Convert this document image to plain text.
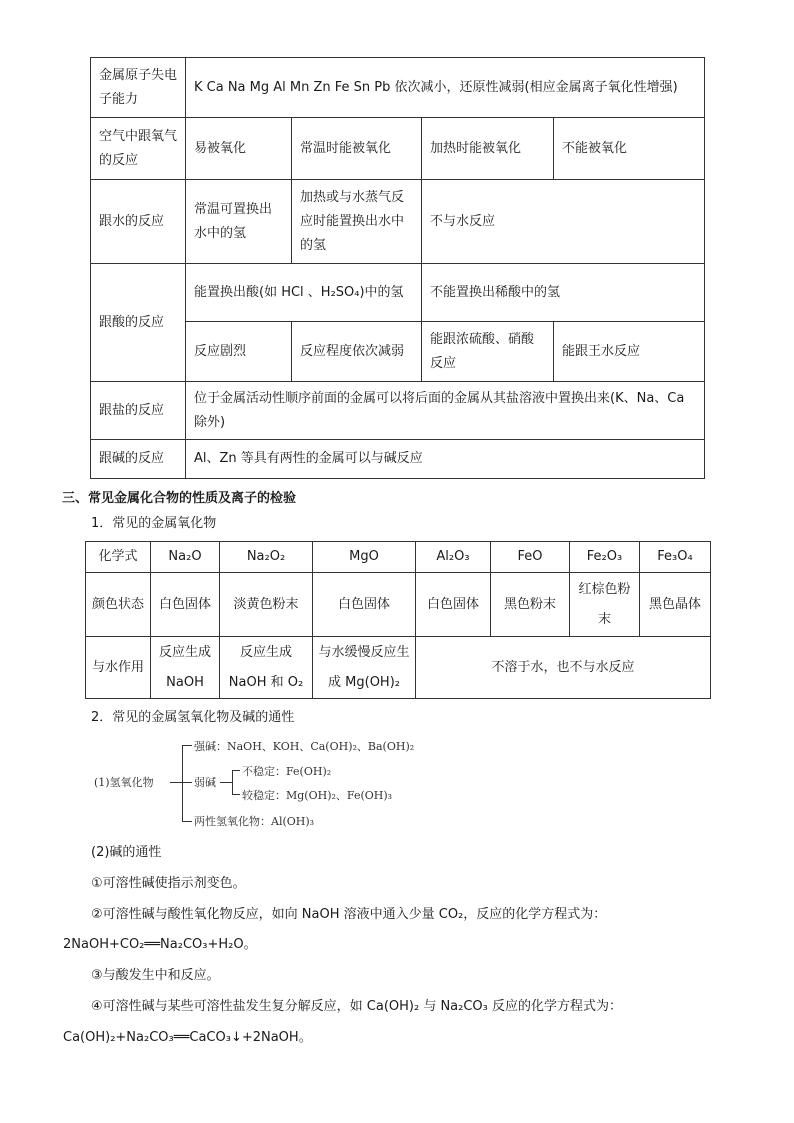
金属原子失电子能力	K Ca Na Mg Al Mn Zn Fe Sn Pb 依次减小，还原性减弱(相应金属离子氧化性增强)			
空气中跟氧气的反应	易被氧化	常温时能被氧化	加热时能被氧化	不能被氧化
跟水的反应	常温可置换出水中的氢	加热或与水蒸气反应时能置换出水中的氢	不与水反应	
跟酸的反应	能置换出酸(如 HCl 、H₂SO₄)中的氢		不能置换出稀酸中的氢	
	反应剧烈	反应程度依次减弱	能跟浓硫酸、硝酸反应	能跟王水反应
跟盐的反应	位于金属活动性顺序前面的金属可以将后面的金属从其盐溶液中置换出来(K、Na、Ca 除外)			
跟碱的反应	Al、Zn 等具有两性的金属可以与碱反应			
三、常见金属化合物的性质及离子的检验
1．常见的金属氧化物
化学式	Na₂O	Na₂O₂	MgO	Al₂O₃	FeO	Fe₂O₃	Fe₃O₄
颜色状态	白色固体	淡黄色粉末	白色固体	白色固体	黑色粉末	红棕色粉末	黑色晶体
与水作用	反应生成 NaOH	反应生成 NaOH 和 O₂	与水缓慢反应生成 Mg(OH)₂	不溶于水，也不与水反应			
2．常见的金属氢氧化物及碱的通性
(1)氢氧化物
强碱：NaOH、KOH、Ca(OH)₂、Ba(OH)₂
弱碱
不稳定：Fe(OH)₂
较稳定：Mg(OH)₂、Fe(OH)₃
两性氢氧化物：Al(OH)₃
(2)碱的通性
①可溶性碱使指示剂变色。
②可溶性碱与酸性氧化物反应，如向 NaOH 溶液中通入少量 CO₂，反应的化学方程式为：
2NaOH+CO₂══Na₂CO₃+H₂O。
③与酸发生中和反应。
④可溶性碱与某些可溶性盐发生复分解反应，如 Ca(OH)₂ 与 Na₂CO₃ 反应的化学方程式为：
Ca(OH)₂+Na₂CO₃══CaCO₃↓+2NaOH。
